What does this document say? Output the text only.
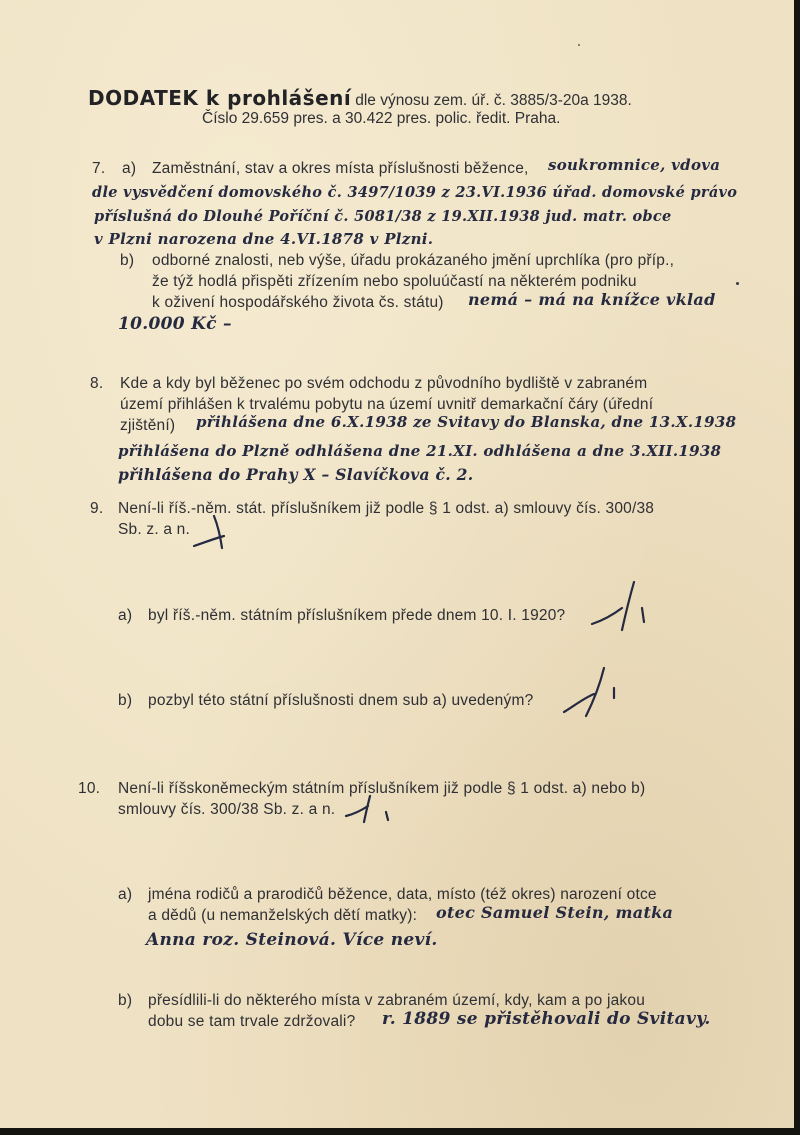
DODATEK k prohlášení dle výnosu zem. úř. č. 3885/3-20a 1938.
Číslo 29.659 pres. a 30.422 pres. polic. ředit. Praha.
7. a) Zaměstnání, stav a okres místa příslušnosti běžence, soukromnice, vdova
dle vysvědčení domovského č. 3497/1039 z 23.VI.1936 úřad. domovské právo
příslušná do Dlouhé Poříční č. 5081/38 z 19.XII.1938 jud. matr. obce
v Plzni narozena dne 4.VI.1878 v Plzni.
b) odborné znalosti, neb výše, úřadu prokázaného jmění uprchlíka (pro příp.,
že týž hodlá přispěti zřízením nebo spoluúčastí na některém podniku
k oživení hospodářského života čs. státu) nemá – má na knížce vklad
10.000 Kč –
8. Kde a kdy byl běženec po svém odchodu z původního bydliště v zabraném
území přihlášen k trvalému pobytu na území uvnitř demarkační čáry (úřední
zjištění) přihlášena dne 6.X.1938 ze Svitavy do Blanska, dne 13.X.1938
přihlášena do Plzně odhlášena dne 21.XI. odhlášena a dne 3.XII.1938
přihlášena do Prahy X – Slavíčkova č. 2.
9. Není-li říš.-něm. stát. příslušníkem již podle § 1 odst. a) smlouvy čís. 300/38
Sb. z. a n.
a) byl říš.-něm. státním příslušníkem přede dnem 10. I. 1920?
b) pozbyl této státní příslušnosti dnem sub a) uvedeným?
10. Není-li říšskoněmeckým státním příslušníkem již podle § 1 odst. a) nebo b)
smlouvy čís. 300/38 Sb. z. a n.
a) jména rodičů a prarodičů běžence, data, místo (též okres) narození otce
a dědů (u nemanželských dětí matky): otec Samuel Stein, matka
Anna roz. Steinová. Více neví.
b) přesídlili-li do některého místa v zabraném území, kdy, kam a po jakou
dobu se tam trvale zdržovali? r. 1889 se přistěhovali do Svitavy.
